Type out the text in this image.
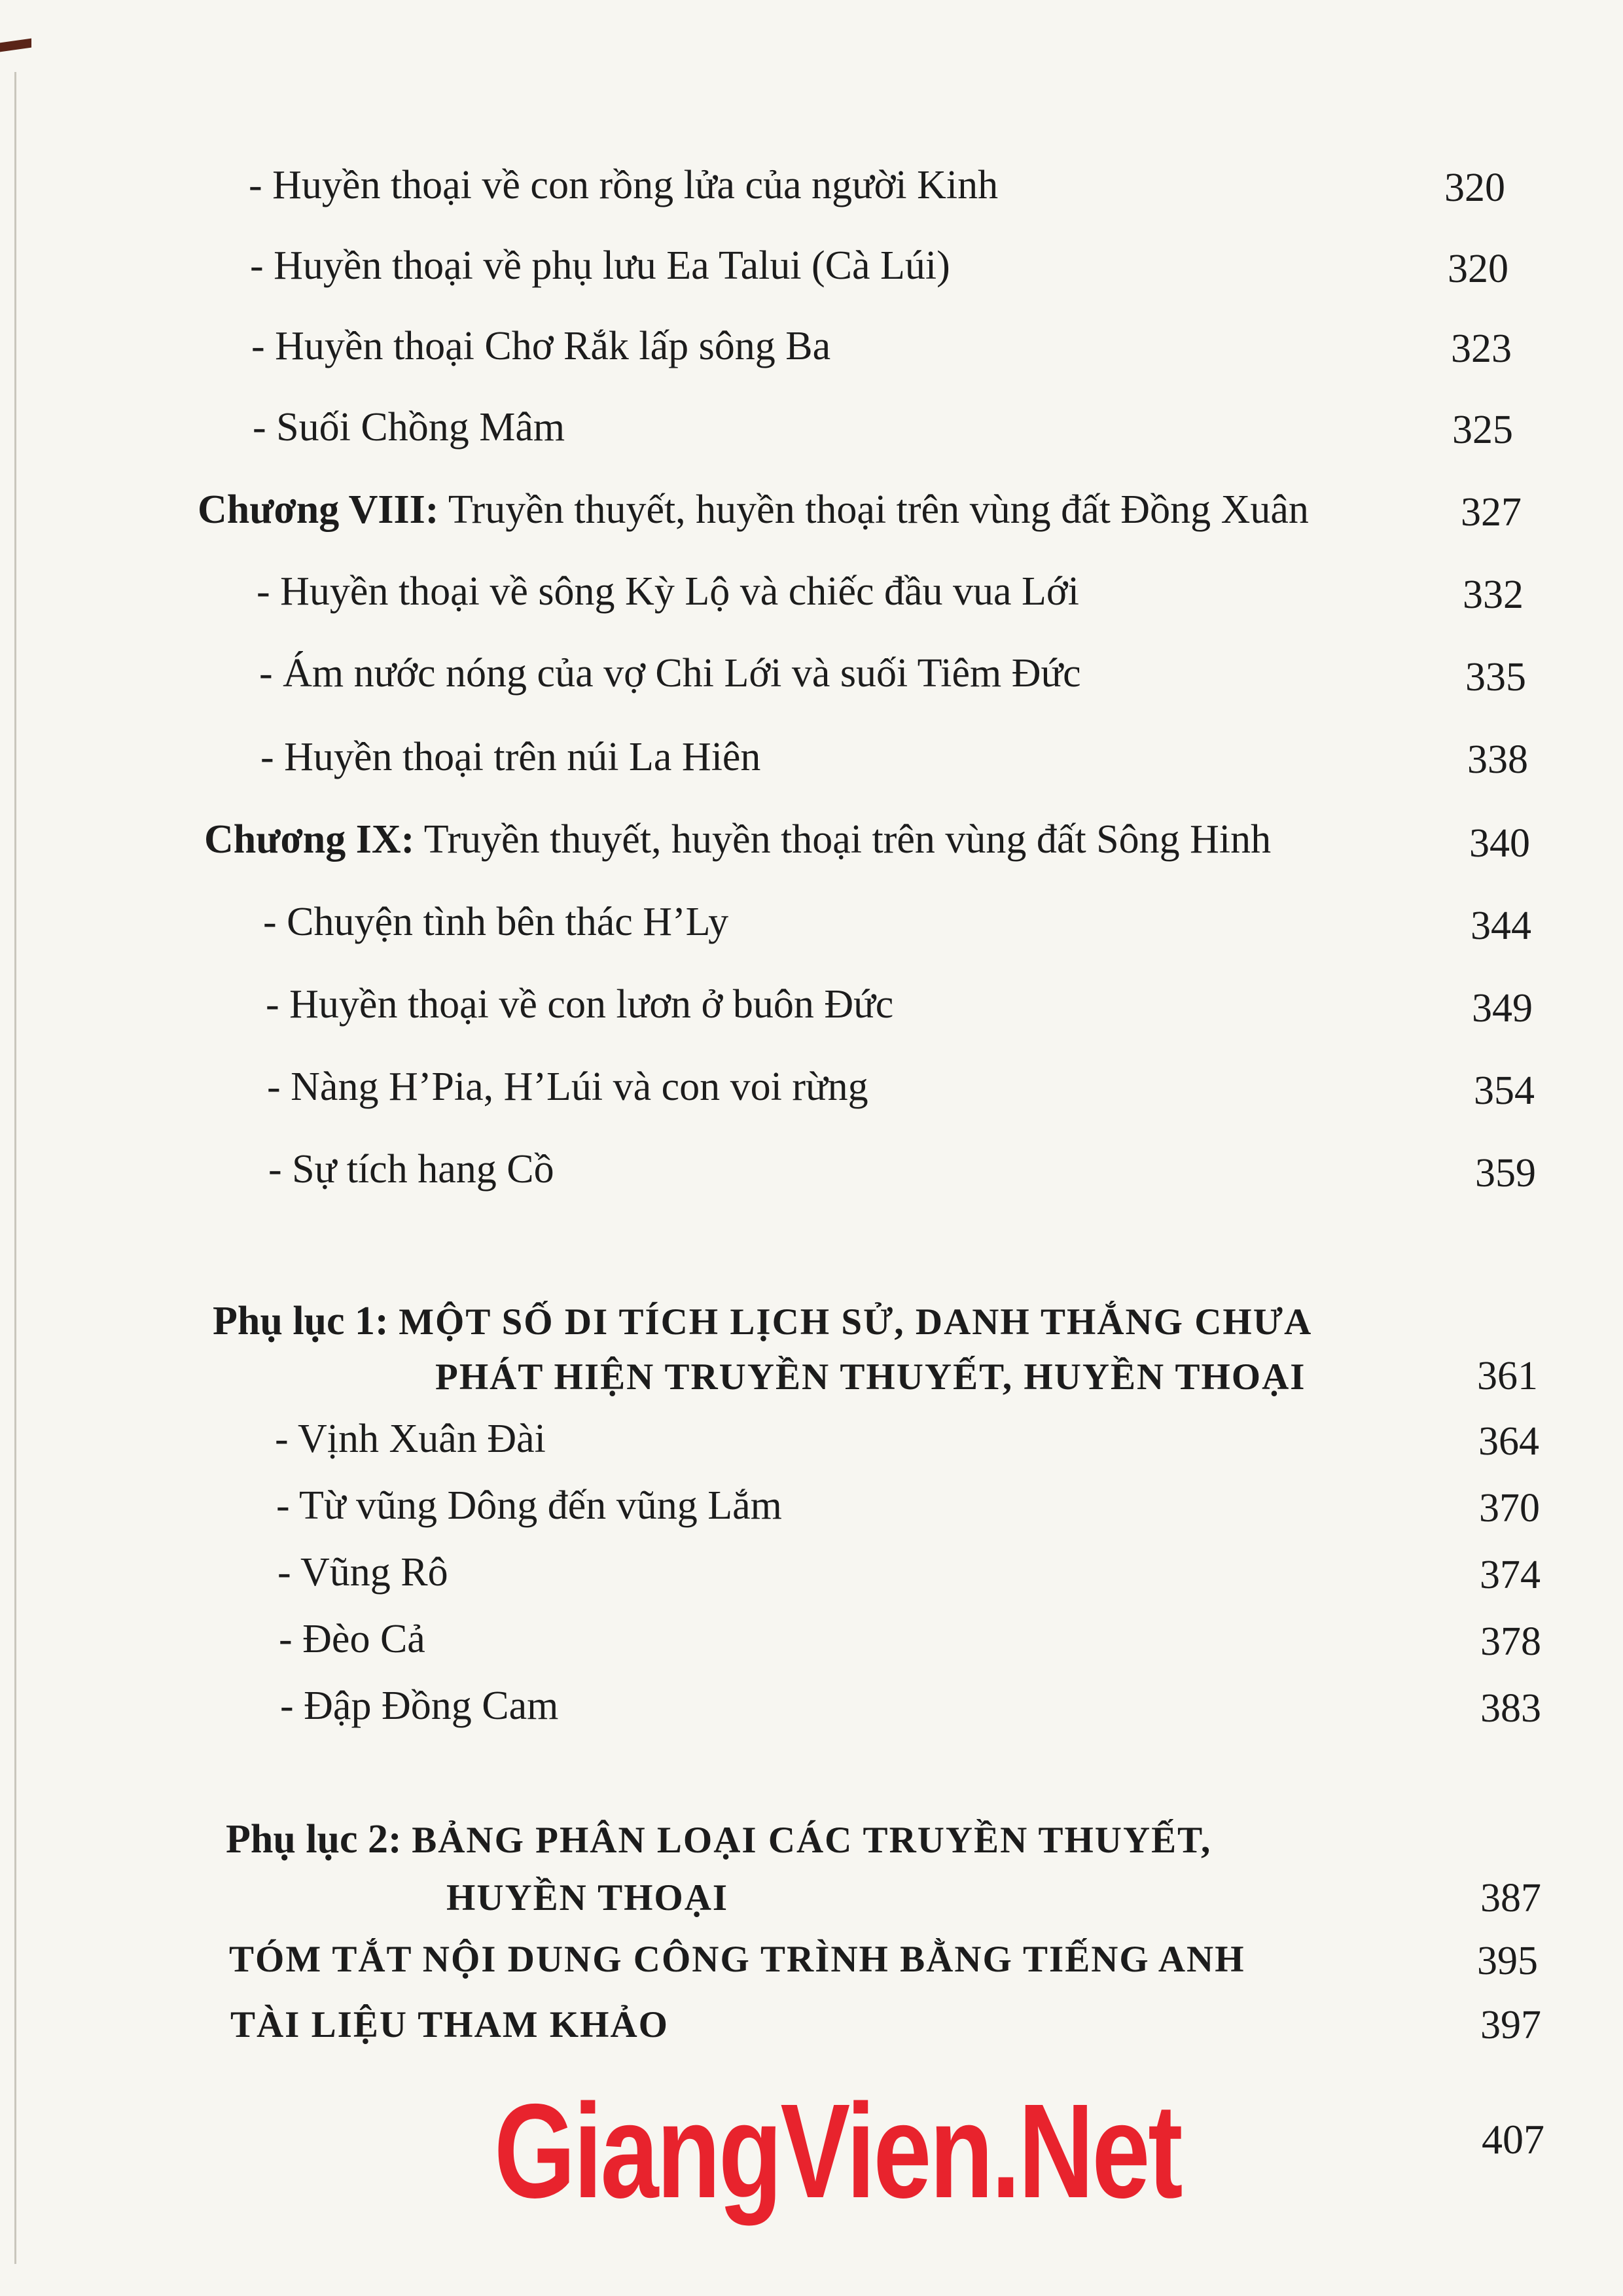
- Huyền thoại về con rồng lửa của người Kinh	320
- Huyền thoại về phụ lưu Ea Talui (Cà Lúi)	320
- Huyền thoại Chơ Rắk lấp sông Ba	323
- Suối Chồng Mâm	325
Chương VIII: Truyền thuyết, huyền thoại trên vùng đất Đồng Xuân	327
- Huyền thoại về sông Kỳ Lộ và chiếc đầu vua Lới	332
- Ám nước nóng của vợ Chi Lới và suối Tiêm Đức	335
- Huyền thoại trên núi La Hiên	338
Chương IX: Truyền thuyết, huyền thoại trên vùng đất Sông Hinh	340
- Chuyện tình bên thác H’Ly	344
- Huyền thoại về con lươn ở buôn Đức	349
- Nàng H’Pia, H’Lúi và con voi rừng	354
- Sự tích hang Cồ	359
Phụ lục 1: MỘT SỐ DI TÍCH LỊCH SỬ, DANH THẮNG CHƯA
PHÁT HIỆN TRUYỀN THUYẾT, HUYỀN THOẠI	361
- Vịnh Xuân Đài	364
- Từ vũng Dông đến vũng Lắm	370
- Vũng Rô	374
- Đèo Cả	378
- Đập Đồng Cam	383
Phụ lục 2: BẢNG PHÂN LOẠI CÁC TRUYỀN THUYẾT,
HUYỀN THOẠI	387
TÓM TẮT NỘI DUNG CÔNG TRÌNH BẰNG TIẾNG ANH	395
TÀI LIỆU THAM KHẢO	397
GiangVien.Net	407
